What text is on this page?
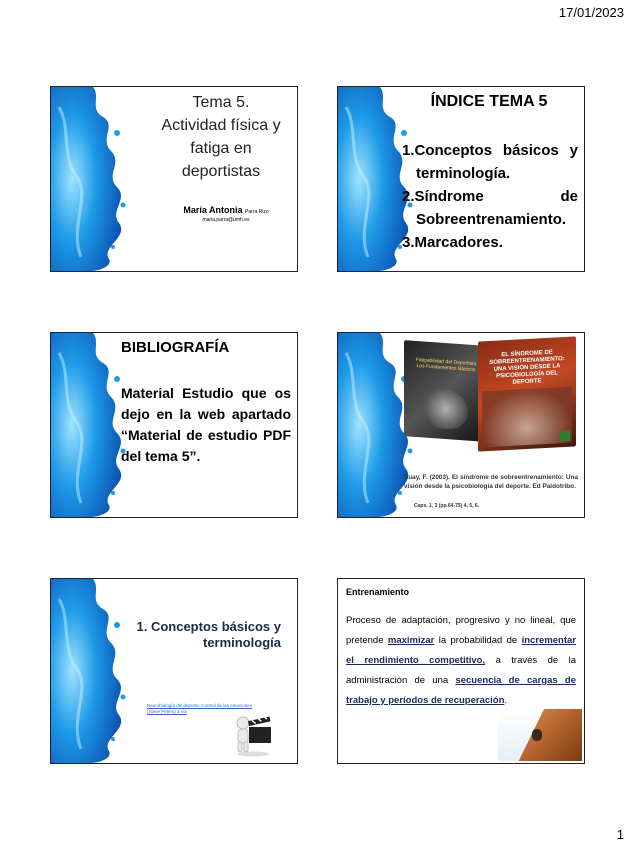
17/01/2023
Tema 5.
Actividad física y
fatiga en
deportistas
María Antonia Parra Rizo
maria.parra@umh.es
ÍNDICE TEMA 5
1.Conceptos básicos y
terminología.
2.Síndrome de
Sobreentrenamiento.
3.Marcadores.
BIBLIOGRAFÍA
Material Estudio que os dejo en la web apartado “Material de estudio PDF del tema 5”.
Fatigabilidad del Deportista Los Fundamentos Básicos
EL SÍNDROME DE SOBREENTRENAMIENTO: UNA VISIÓN DESDE LA PSICOBIOLOGÍA DEL DEPORTE
Suay, F. (2003). El síndrome de sobreentrenamiento: Una visión desde la psicobiología del deporte. Ed Paidotribo.
Caps. 1, 3 (pp.64-75) 4, 5, 6.
1. Conceptos básicos y
terminología
Neurobiología del deporte: Control de las emociones (Steve Peters) 3 vía
Entrenamiento
Proceso de adaptación, progresivo y no lineal, que pretende maximizar la probabilidad de incrementar el rendimiento competitivo, a través de la administración de una secuencia de cargas de trabajo y períodos de recuperación.
1
